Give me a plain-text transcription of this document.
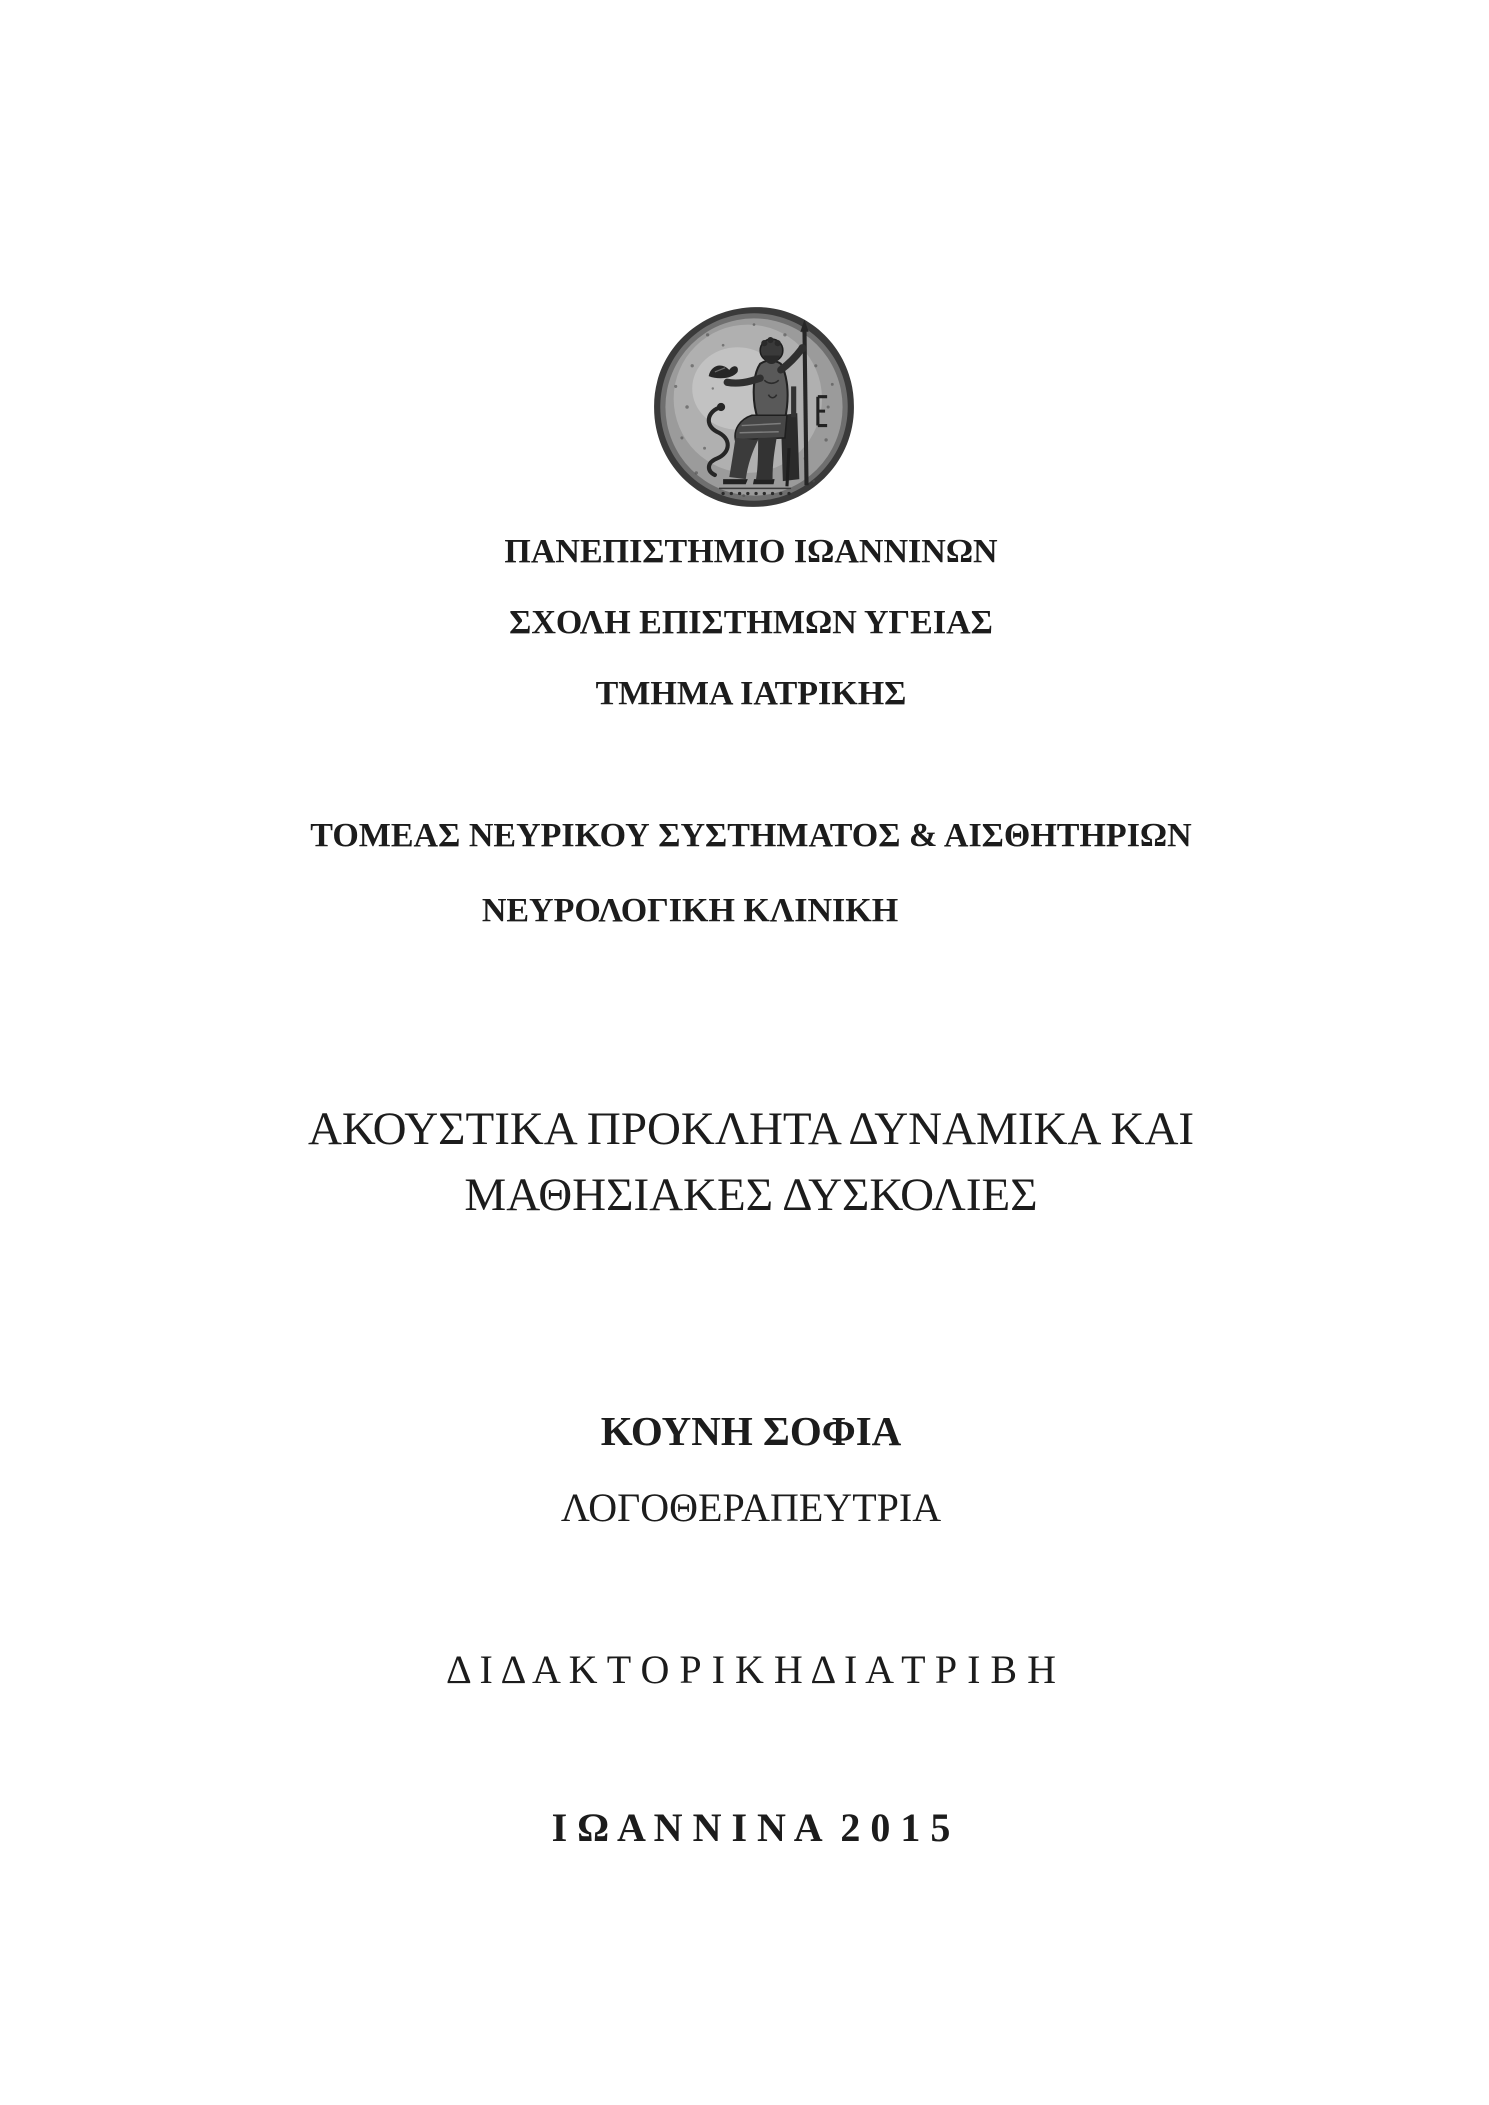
ΠΑΝΕΠΙΣΤΗΜΙΟ ΙΩΑΝΝΙΝΩΝ
ΣΧΟΛΗ ΕΠΙΣΤΗΜΩΝ ΥΓΕΙΑΣ
ΤΜΗΜΑ ΙΑΤΡΙΚΗΣ
ΤΟΜΕΑΣ ΝΕΥΡΙΚΟΥ ΣΥΣΤΗΜΑΤΟΣ & ΑΙΣΘΗΤΗΡΙΩΝ
ΝΕΥΡΟΛΟΓΙΚΗ ΚΛΙΝΙΚΗ
ΑΚΟΥΣΤΙΚΑ ΠΡΟΚΛΗΤΑ ΔΥΝΑΜΙΚΑ ΚΑΙ
ΜΑΘΗΣΙΑΚΕΣ ΔΥΣΚΟΛΙΕΣ
ΚΟΥΝΗ ΣΟΦΙΑ
ΛΟΓΟΘΕΡΑΠΕΥΤΡΙΑ
Δ Ι Δ Α Κ Τ Ο Ρ Ι Κ Η Δ Ι Α Τ Ρ Ι Β Η
Ι Ω Α Ν Ν Ι Ν Α  2 0 1 5
